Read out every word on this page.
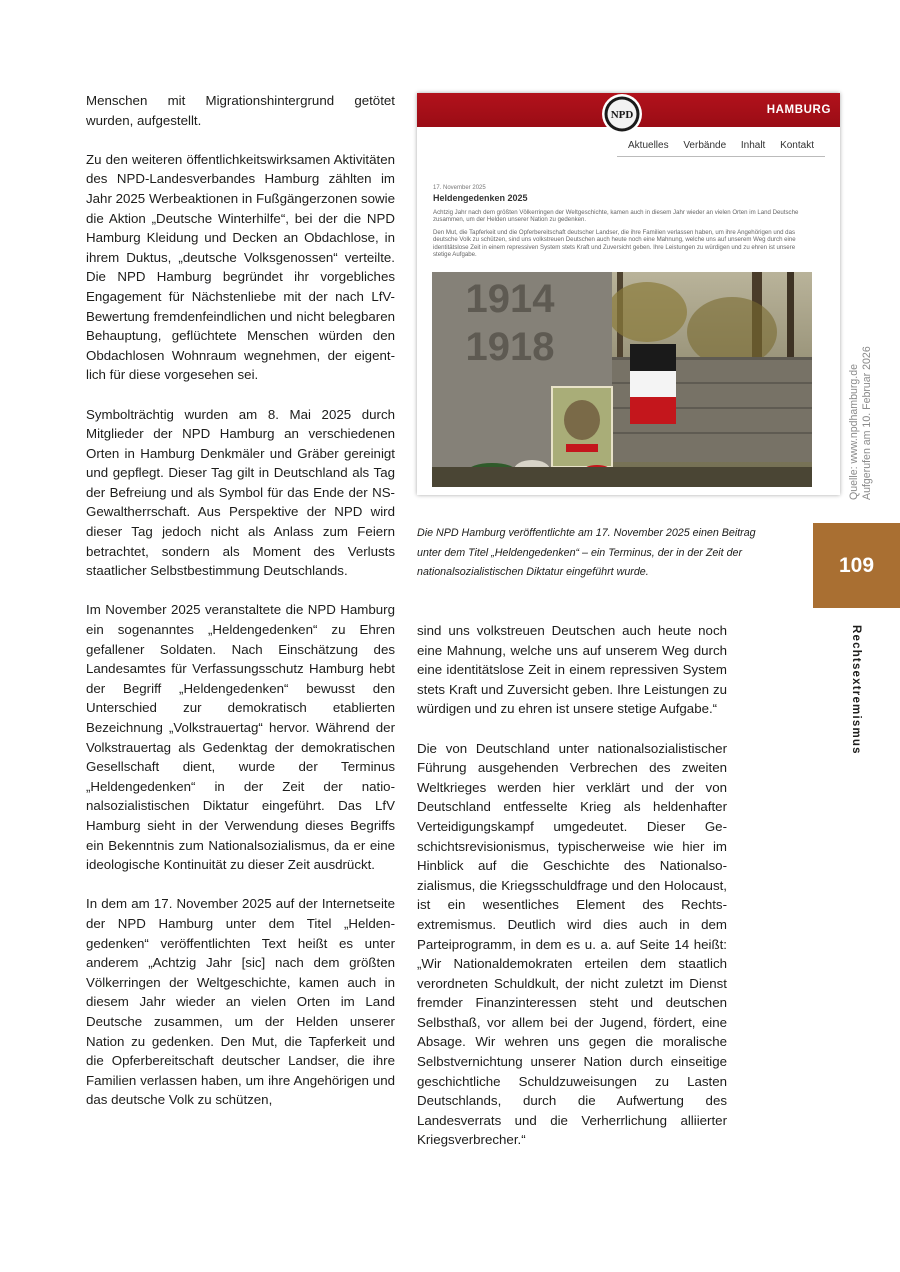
Menschen mit Migrationshintergrund getötet wurden, aufgestellt.

Zu den weiteren öffentlichkeitswirksamen Aktivitäten des NPD-Landesverbandes Hamburg zählten im Jahr 2025 Werbeaktionen in Fußgängerzonen sowie die Aktion „Deutsche Winterhilfe“, bei der die NPD Hamburg Kleidung und Decken an Obdachlose, in ihrem Duktus, „deutsche Volksgenossen“ verteilte. Die NPD Hamburg begründet ihr vorgebliches Engagement für Nächstenliebe mit der nach LfV-Bewertung fremdenfeindlichen und nicht belegbaren Behauptung, geflüchtete Menschen würden den Obdachlosen Wohnraum wegnehmen, der eigentlich für diese vorgesehen sei.

Symbolträchtig wurden am 8. Mai 2025 durch Mitglieder der NPD Hamburg an verschiedenen Orten in Hamburg Denkmäler und Gräber gereinigt und gepflegt. Dieser Tag gilt in Deutschland als Tag der Befreiung und als Symbol für das Ende der NS-Gewaltherrschaft. Aus Perspektive der NPD wird dieser Tag jedoch nicht als Anlass zum Feiern betrachtet, sondern als Moment des Verlusts staatlicher Selbstbestimmung Deutschlands.

Im November 2025 veranstaltete die NPD Hamburg ein sogenanntes „Heldengedenken“ zu Ehren gefallener Soldaten. Nach Einschätzung des Landesamtes für Verfassungsschutz Hamburg hebt der Begriff „Heldengedenken“ bewusst den Unterschied zur demokratisch etablierten Bezeichnung „Volkstrauertag“ hervor. Während der Volkstrauertag als Gedenktag der demokratischen Gesellschaft dient, wurde der Terminus „Heldengedenken“ in der Zeit der nationalsozialistischen Diktatur eingeführt. Das LfV Hamburg sieht in der Verwendung dieses Begriffs ein Bekenntnis zum Nationalsozialismus, da er eine ideologische Kontinuität zu dieser Zeit ausdrückt.

In dem am 17. November 2025 auf der Internetseite der NPD Hamburg unter dem Titel „Heldengedenken“ veröffentlichten Text heißt es unter anderem „Achtzig Jahr [sic] nach dem größten Völkerringen der Weltgeschichte, kamen auch in diesem Jahr wieder an vielen Orten im Land Deutsche zusammen, um der Helden unserer Nation zu gedenken. Den Mut, die Tapferkeit und die Opferbereitschaft deutscher Landser, die ihre Familien verlassen haben, um ihre Angehörigen und das deutsche Volk zu schützen,

HAMBURG
NPD
Aktuelles Verbände Inhalt Kontakt
17. November 2025
Heldengedenken 2025
Achtzig Jahr nach dem größten Völkerringen der Weltgeschichte, kamen auch in diesem Jahr wieder an vielen Orten im Land Deutsche zusammen, um der Helden unserer Nation zu gedenken.
Den Mut, die Tapferkeit und die Opferbereitschaft deutscher Landser, die ihre Familien verlassen haben, um ihre Angehörigen und das deutsche Volk zu schützen, sind uns volkstreuen Deutschen auch heute noch eine Mahnung, welche uns auf unserem Weg durch eine identitätslose Zeit in einem repressiven System stets Kraft und Zuversicht geben. Ihre Leistungen zu würdigen und zu ehren ist unsere stetige Aufgabe.
1914
1918
Die NPD Hamburg veröffentlichte am 17. November 2025 einen Beitrag unter dem Titel „Heldengedenken“ – ein Terminus, der in der Zeit der nationalsozialistischen Diktatur eingeführt wurde.
Quelle: www.npdhamburg.de Aufgerufen am 10. Februar 2026
109
Rechtsextremismus

sind uns volkstreuen Deutschen auch heute noch eine Mahnung, welche uns auf unserem Weg durch eine identitätslose Zeit in einem repressiven System stets Kraft und Zuversicht geben. Ihre Leistungen zu würdigen und zu ehren ist unsere stetige Aufgabe.“

Die von Deutschland unter nationalsozialistischer Führung ausgehenden Verbrechen des zweiten Weltkrieges werden hier verklärt und der von Deutschland entfesselte Krieg als heldenhafter Verteidigungskampf umgedeutet. Dieser Geschichtsrevisionismus, typischerweise wie hier im Hinblick auf die Geschichte des Nationalsozialismus, die Kriegsschuldfrage und den Holocaust, ist ein wesentliches Element des Rechtsextremismus. Deutlich wird dies auch in dem Parteiprogramm, in dem es u. a. auf Seite 14 heißt: „Wir Nationaldemokraten erteilen dem staatlich verordneten Schuldkult, der nicht zuletzt im Dienst fremder Finanzinteressen steht und deutschen Selbsthaß, vor allem bei der Jugend, fördert, eine Absage. Wir wehren uns gegen die moralische Selbstvernichtung unserer Nation durch einseitige geschichtliche Schuldzuweisungen zu Lasten Deutschlands, durch die Aufwertung des Landesverrats und die Verherrlichung alliierter Kriegsverbrecher.“
